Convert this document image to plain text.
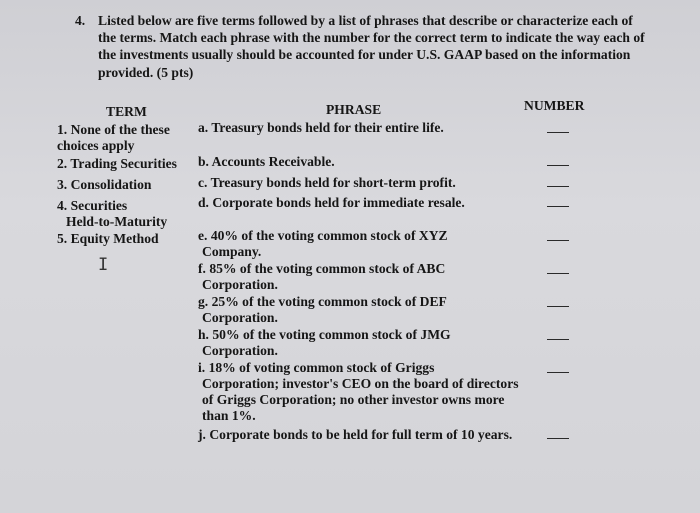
4. Listed below are five terms followed by a list of phrases that describe or characterize each of
the terms. Match each phrase with the number for the correct term to indicate the way each of
the investments usually should be accounted for under U.S. GAAP based on the information
provided. (5 pts)
TERM	PHRASE	NUMBER
1. None of the these
choices apply
2. Trading Securities
3. Consolidation
4. Securities
Held-to-Maturity
5. Equity Method
I
a. Treasury bonds held for their entire life.
b. Accounts Receivable.
c. Treasury bonds held for short-term profit.
d. Corporate bonds held for immediate resale.
e. 40% of the voting common stock of XYZ
Company.
f. 85% of the voting common stock of ABC
Corporation.
g. 25% of the voting common stock of DEF
Corporation.
h. 50% of the voting common stock of JMG
Corporation.
i. 18% of voting common stock of Griggs
Corporation; investor's CEO on the board of directors
of Griggs Corporation; no other investor owns more
than 1%.
j. Corporate bonds to be held for full term of 10 years.
